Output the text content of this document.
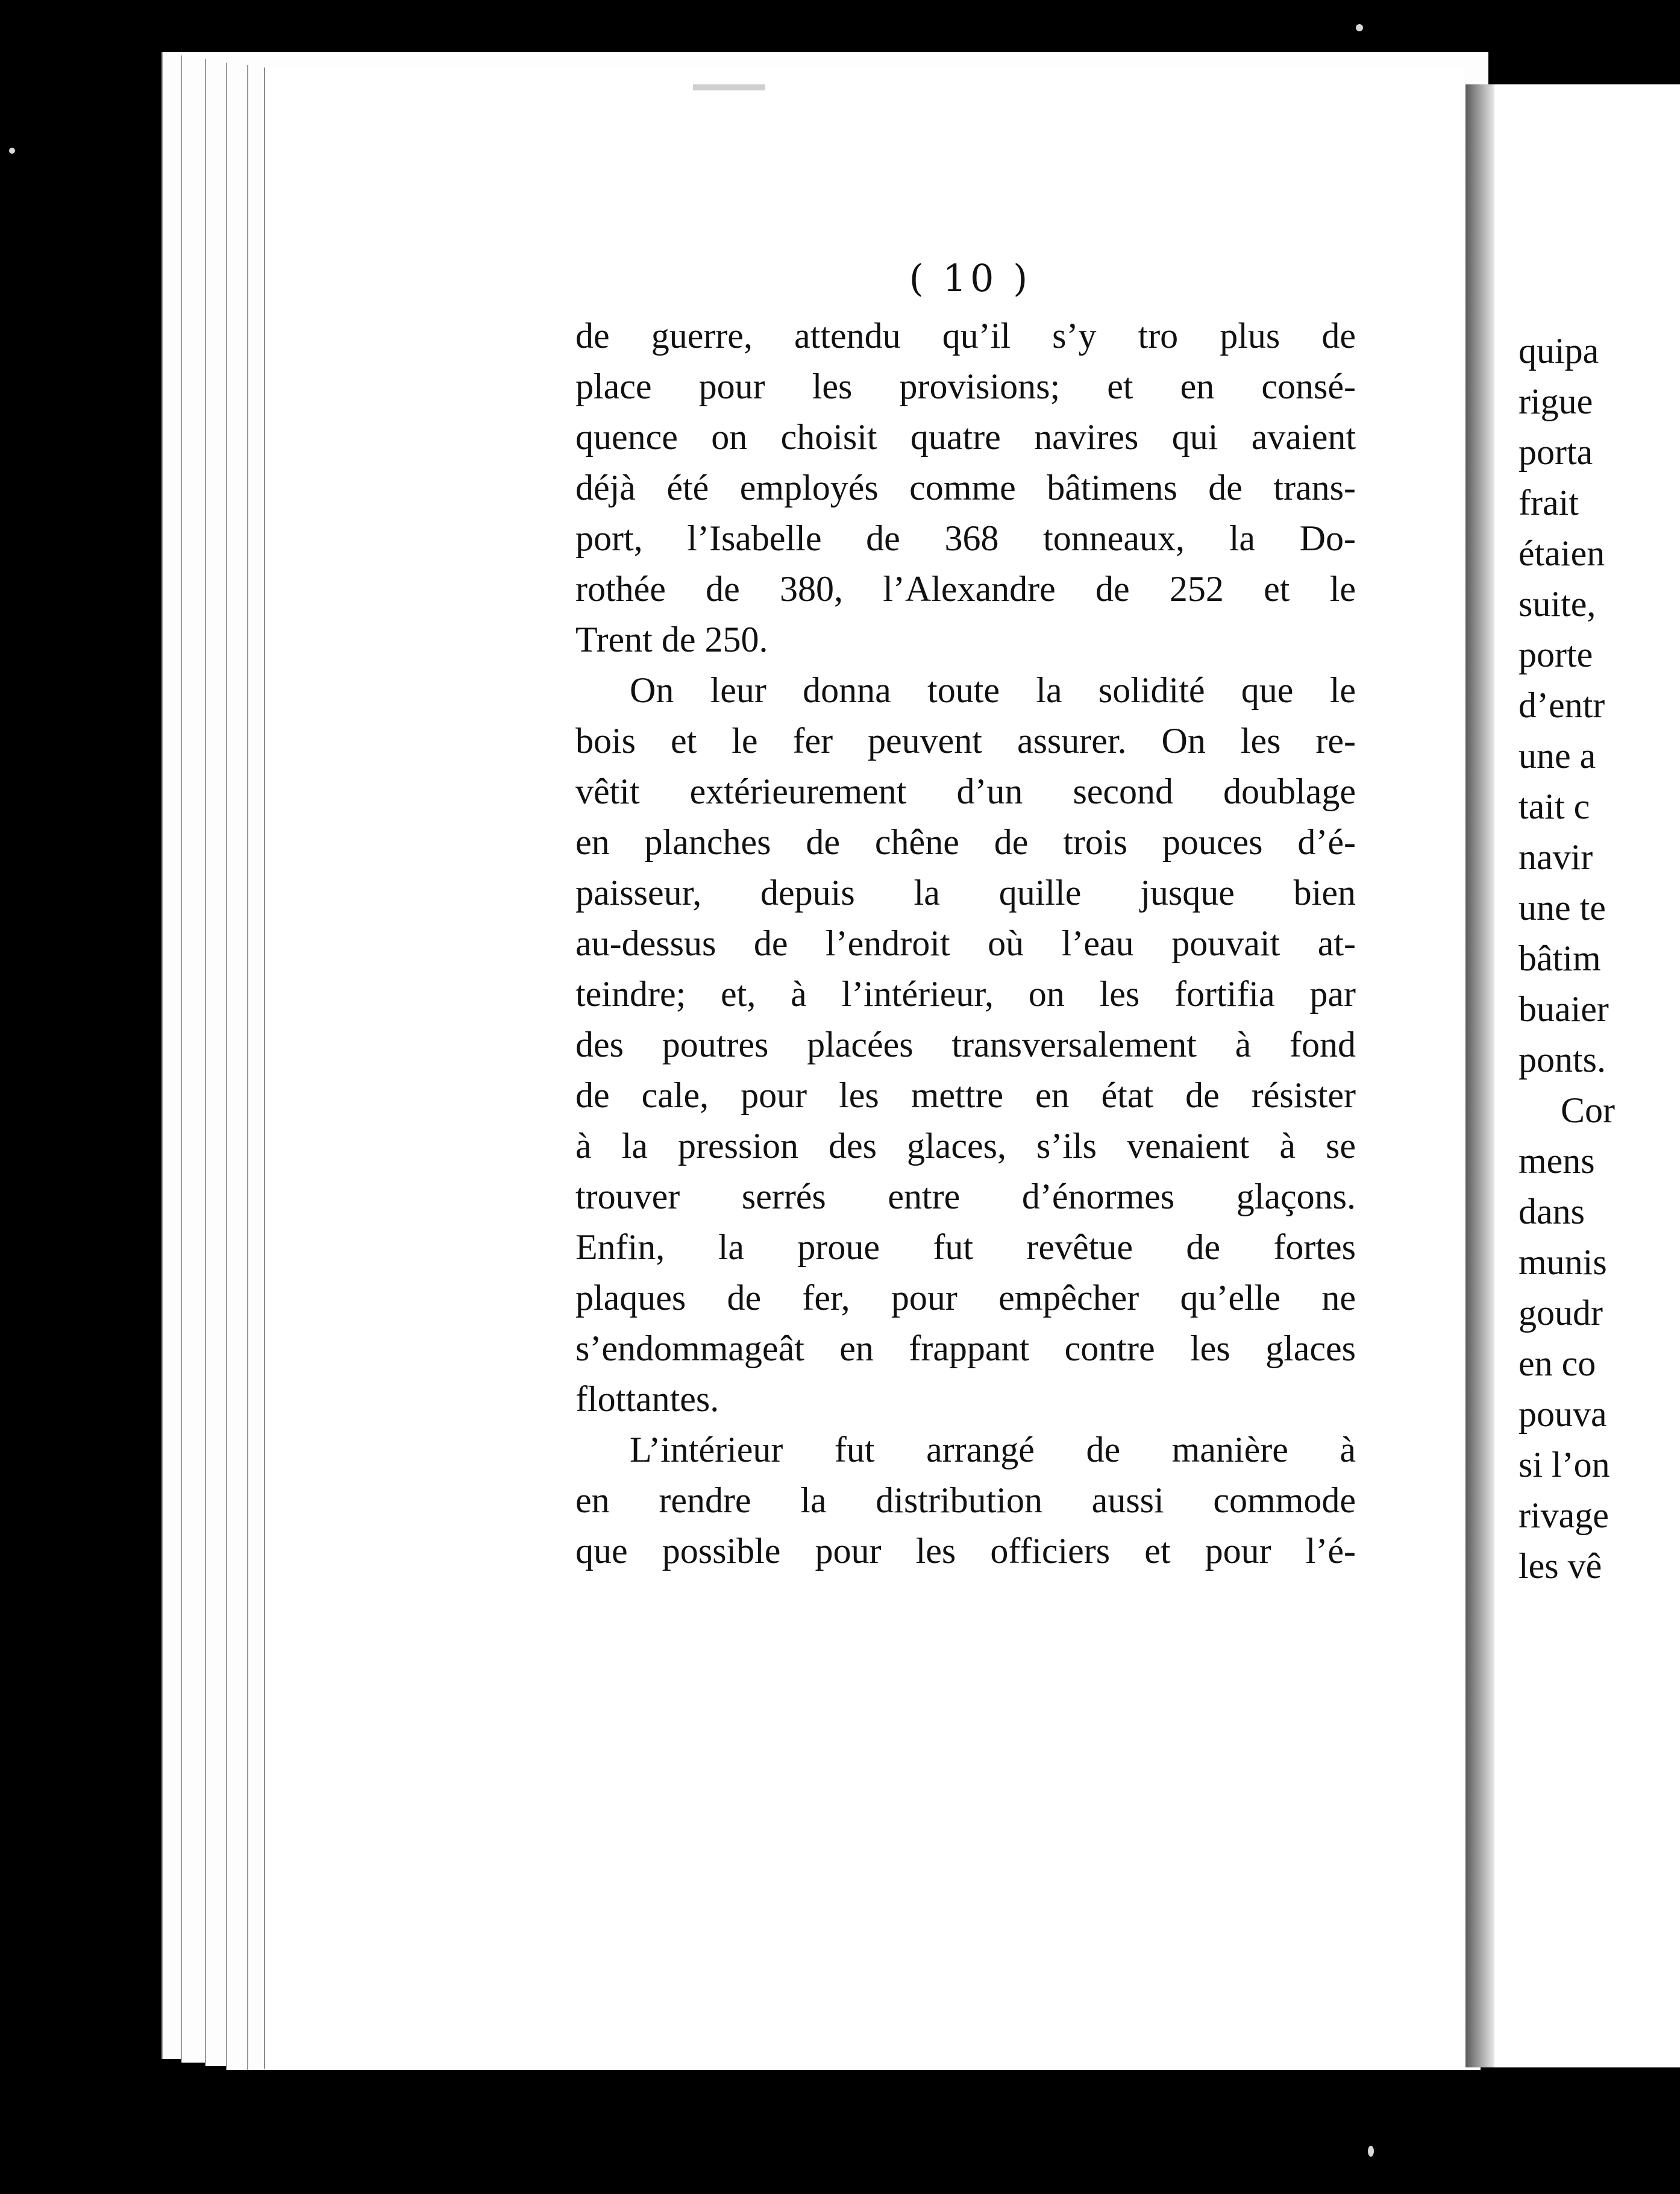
( 10 )
de guerre, attendu qu’il s’y tro plus de
place pour les provisions; et en consé-
quence on choisit quatre navires qui avaient
déjà été employés comme bâtimens de trans-
port, l’Isabelle de 368 tonneaux, la Do-
rothée de 380, l’Alexandre de 252 et le
Trent de 250.
On leur donna toute la solidité que le
bois et le fer peuvent assurer. On les re-
vêtit extérieurement d’un second doublage
en planches de chêne de trois pouces d’é-
paisseur, depuis la quille jusque bien
au-dessus de l’endroit où l’eau pouvait at-
teindre; et, à l’intérieur, on les fortifia par
des poutres placées transversalement à fond
de cale, pour les mettre en état de résister
à la pression des glaces, s’ils venaient à se
trouver serrés entre d’énormes glaçons.
Enfin, la proue fut revêtue de fortes
plaques de fer, pour empêcher qu’elle ne
s’endommageât en frappant contre les glaces
flottantes.
L’intérieur fut arrangé de manière à
en rendre la distribution aussi commode
que possible pour les officiers et pour l’é-
quipa
rigue
porta
frait
étaien
suite,
porte
d’entr
une a
tait c
navir
une te
bâtim
buaier
ponts.
Cor
mens
dans
munis
goudr
en co
pouva
si l’on
rivage
les vê
